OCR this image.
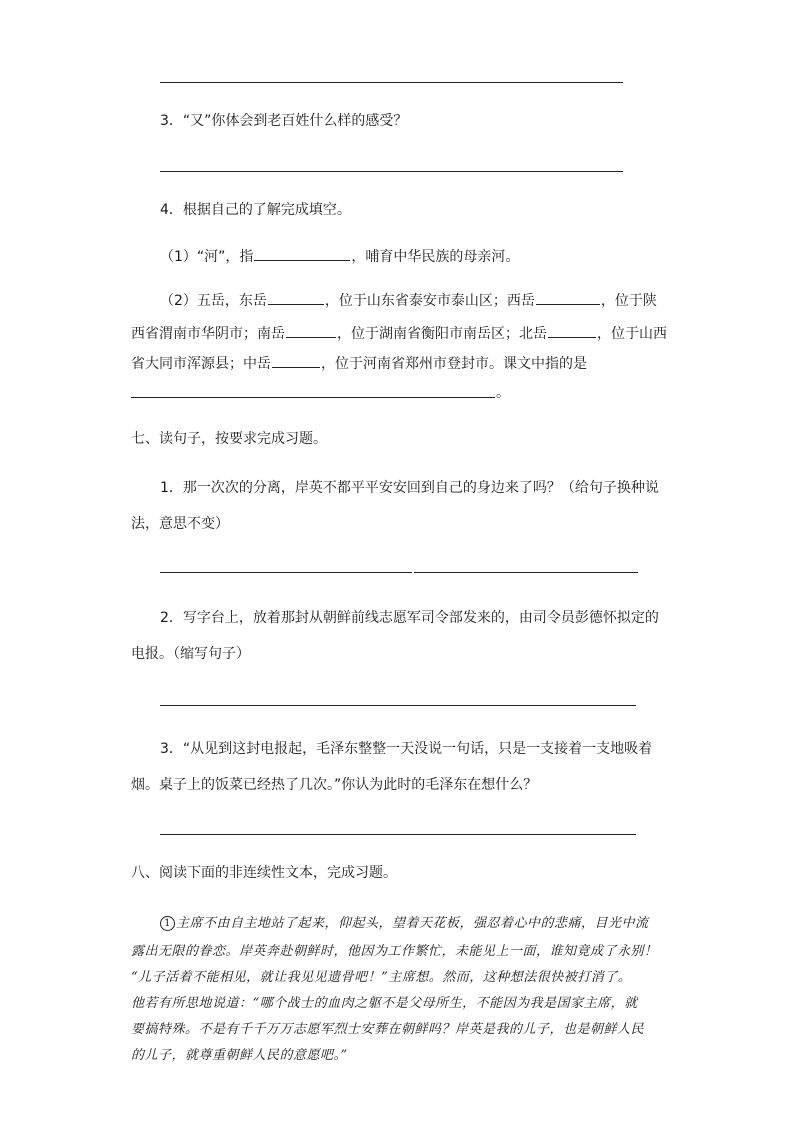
3．“又”你体会到老百姓什么样的感受？
4．根据自己的了解完成填空。
（1）“河”，指	，哺育中华民族的母亲河。
（2）五岳，东岳	，位于山东省泰安市泰山区；西岳	，位于陕
西省渭南市华阴市；南岳	，位于湖南省衡阳市南岳区；北岳	，位于山西
省大同市浑源县；中岳	，位于河南省郑州市登封市。课文中指的是
。
七、读句子，按要求完成习题。
1．那一次次的分离，岸英不都平平安安回到自己的身边来了吗？（给句子换种说
法，意思不变）
2．写字台上，放着那封从朝鲜前线志愿军司令部发来的，由司令员彭德怀拟定的
电报。（缩写句子）
3．“从见到这封电报起，毛泽东整整一天没说一句话，只是一支接着一支地吸着
烟。桌子上的饭菜已经热了几次。”你认为此时的毛泽东在想什么？
八、阅读下面的非连续性文本，完成习题。
1 主席不由自主地站了起来，仰起头，望着天花板，强忍着心中的悲痛，目光中流
露出无限的眷恋。岸英奔赴朝鲜时，他因为工作繁忙，未能见上一面，谁知竟成了永别！
“儿子活着不能相见，就让我见见遗骨吧！”主席想。然而，这种想法很快被打消了。
他若有所思地说道：“哪个战士的血肉之躯不是父母所生，不能因为我是国家主席，就
要搞特殊。不是有千千万万志愿军烈士安葬在朝鲜吗？岸英是我的儿子，也是朝鲜人民
的儿子，就尊重朝鲜人民的意愿吧。”
